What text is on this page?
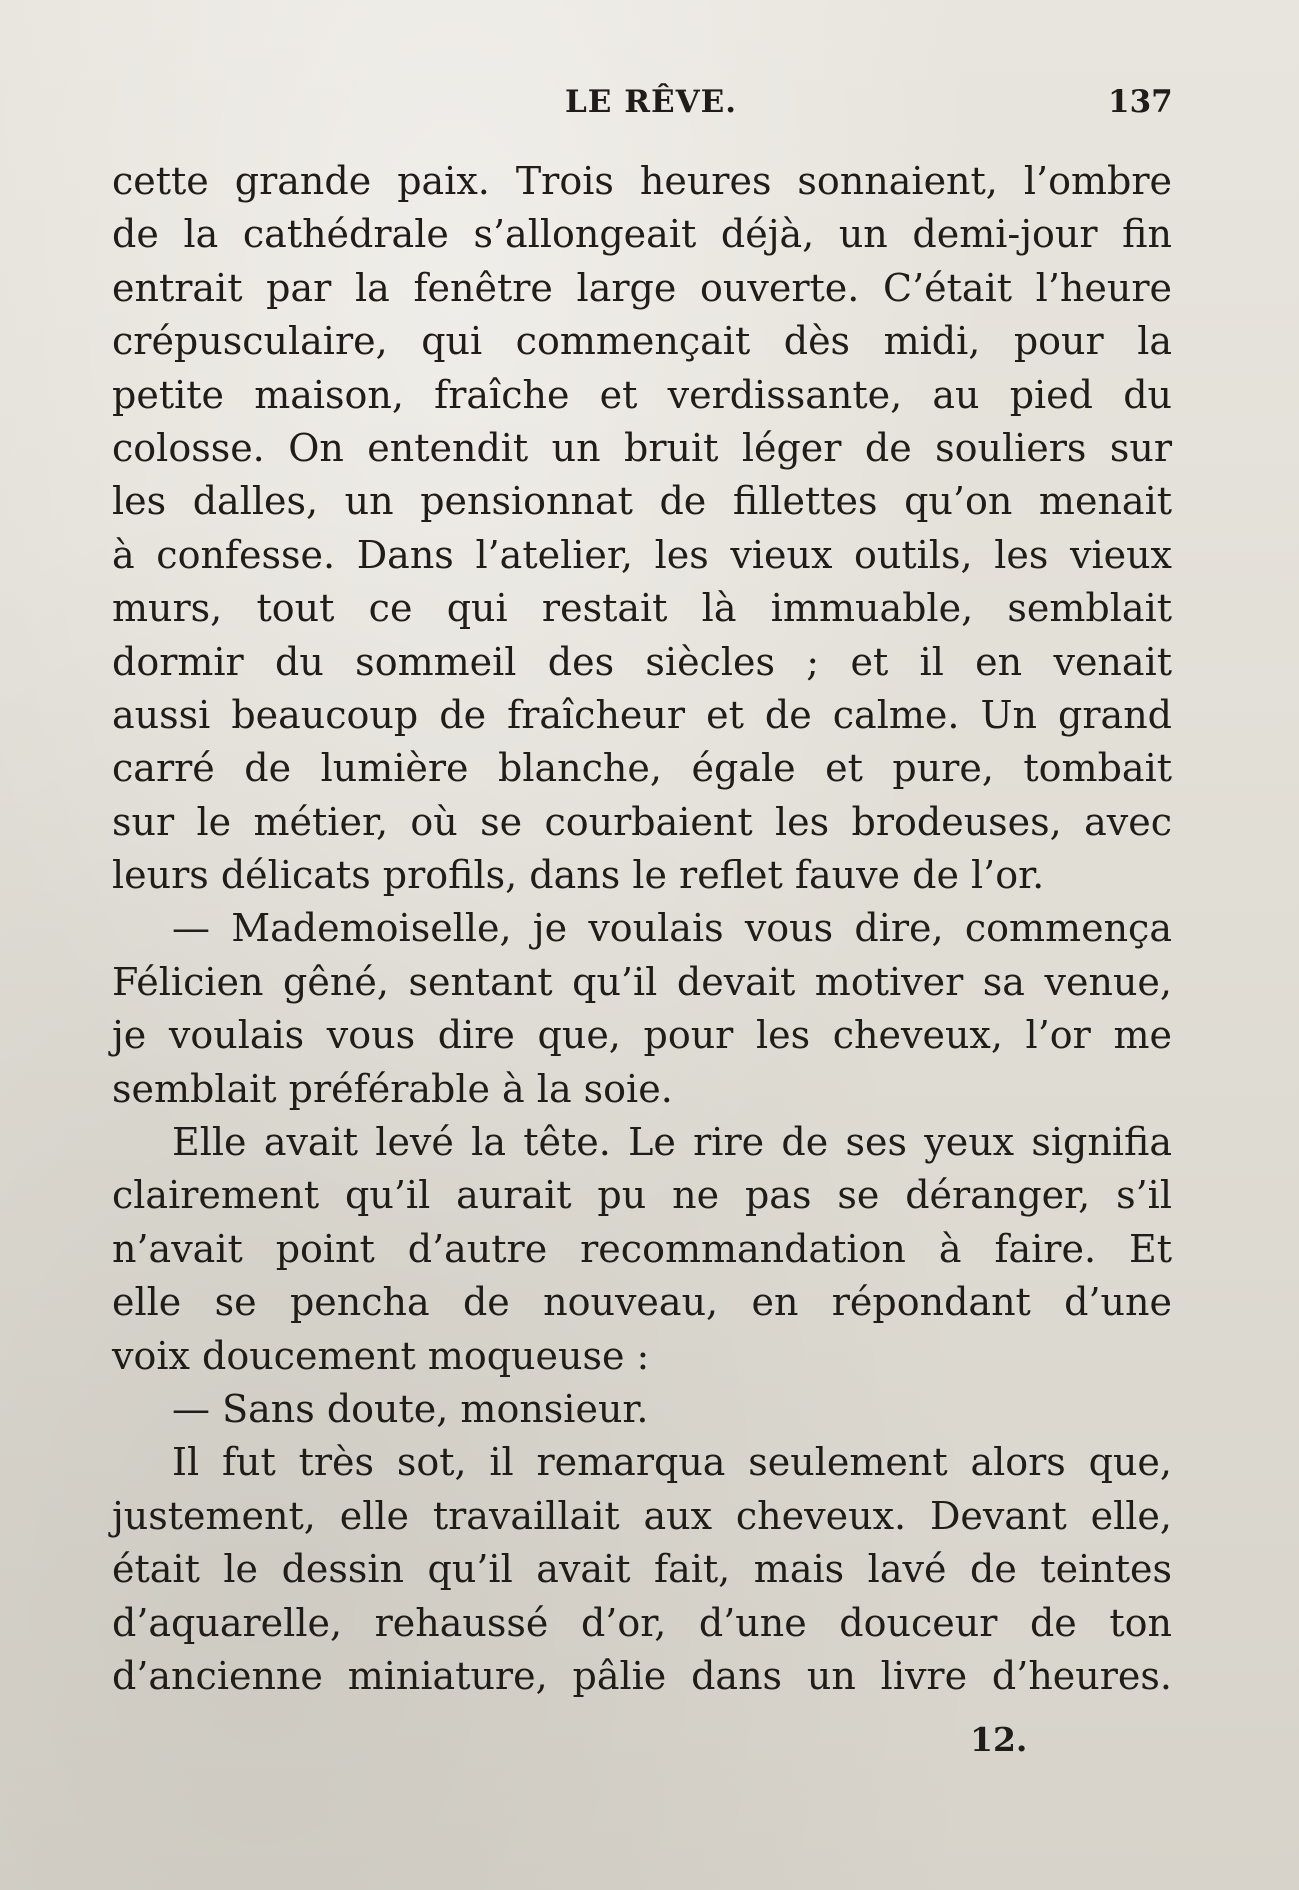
LE RÊVE.	137
cette grande paix. Trois heures sonnaient, l’ombre
de la cathédrale s’allongeait déjà, un demi-jour fin
entrait par la fenêtre large ouverte. C’était l’heure
crépusculaire, qui commençait dès midi, pour la
petite maison, fraîche et verdissante, au pied du
colosse. On entendit un bruit léger de souliers sur
les dalles, un pensionnat de fillettes qu’on menait
à confesse. Dans l’atelier, les vieux outils, les vieux
murs, tout ce qui restait là immuable, semblait
dormir du sommeil des siècles ; et il en venait
aussi beaucoup de fraîcheur et de calme. Un grand
carré de lumière blanche, égale et pure, tombait
sur le métier, où se courbaient les brodeuses, avec
leurs délicats profils, dans le reflet fauve de l’or.
— Mademoiselle, je voulais vous dire, commença
Félicien gêné, sentant qu’il devait motiver sa venue,
je voulais vous dire que, pour les cheveux, l’or me
semblait préférable à la soie.
Elle avait levé la tête. Le rire de ses yeux signifia
clairement qu’il aurait pu ne pas se déranger, s’il
n’avait point d’autre recommandation à faire. Et
elle se pencha de nouveau, en répondant d’une
voix doucement moqueuse :
— Sans doute, monsieur.
Il fut très sot, il remarqua seulement alors que,
justement, elle travaillait aux cheveux. Devant elle,
était le dessin qu’il avait fait, mais lavé de teintes
d’aquarelle, rehaussé d’or, d’une douceur de ton
d’ancienne miniature, pâlie dans un livre d’heures.
12.
